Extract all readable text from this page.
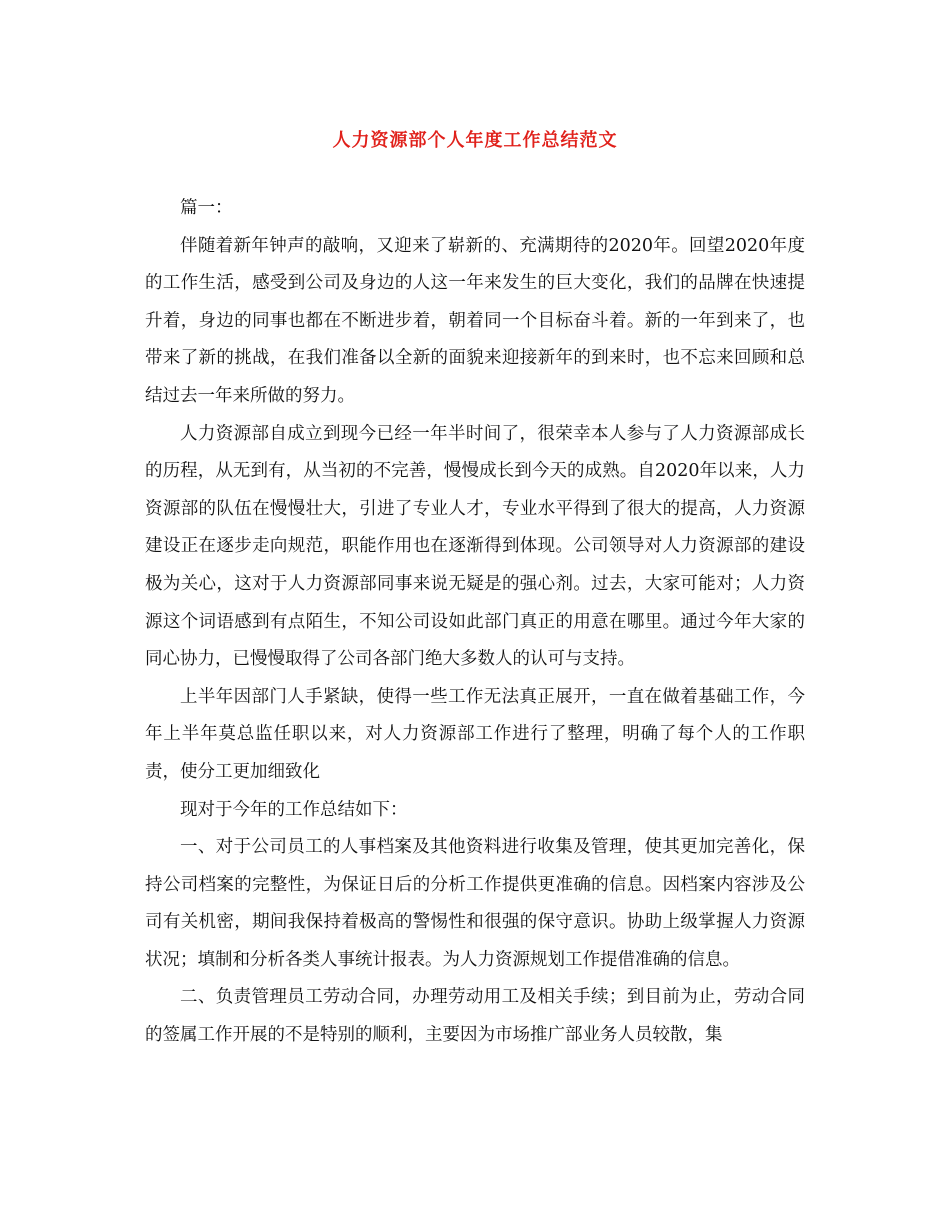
人力资源部个人年度工作总结范文

篇一：

伴随着新年钟声的敲响，又迎来了崭新的、充满期待的2020年。回望2020年度的工作生活，感受到公司及身边的人这一年来发生的巨大变化，我们的品牌在快速提升着，身边的同事也都在不断进步着，朝着同一个目标奋斗着。新的一年到来了，也带来了新的挑战，在我们准备以全新的面貌来迎接新年的到来时，也不忘来回顾和总结过去一年来所做的努力。

人力资源部自成立到现今已经一年半时间了，很荣幸本人参与了人力资源部成长的历程，从无到有，从当初的不完善，慢慢成长到今天的成熟。自2020年以来，人力资源部的队伍在慢慢壮大，引进了专业人才，专业水平得到了很大的提高，人力资源建设正在逐步走向规范，职能作用也在逐渐得到体现。公司领导对人力资源部的建设极为关心，这对于人力资源部同事来说无疑是的强心剂。过去，大家可能对；人力资源这个词语感到有点陌生，不知公司设如此部门真正的用意在哪里。通过今年大家的同心协力，已慢慢取得了公司各部门绝大多数人的认可与支持。

上半年因部门人手紧缺，使得一些工作无法真正展开，一直在做着基础工作，今年上半年莫总监任职以来，对人力资源部工作进行了整理，明确了每个人的工作职责，使分工更加细致化

现对于今年的工作总结如下：

一、对于公司员工的人事档案及其他资料进行收集及管理，使其更加完善化，保持公司档案的完整性，为保证日后的分析工作提供更准确的信息。因档案内容涉及公司有关机密，期间我保持着极高的警惕性和很强的保守意识。协助上级掌握人力资源状况；填制和分析各类人事统计报表。为人力资源规划工作提借准确的信息。

二、负责管理员工劳动合同，办理劳动用工及相关手续；到目前为止，劳动合同的签属工作开展的不是特别的顺利，主要因为市场推广部业务人员较散，集
